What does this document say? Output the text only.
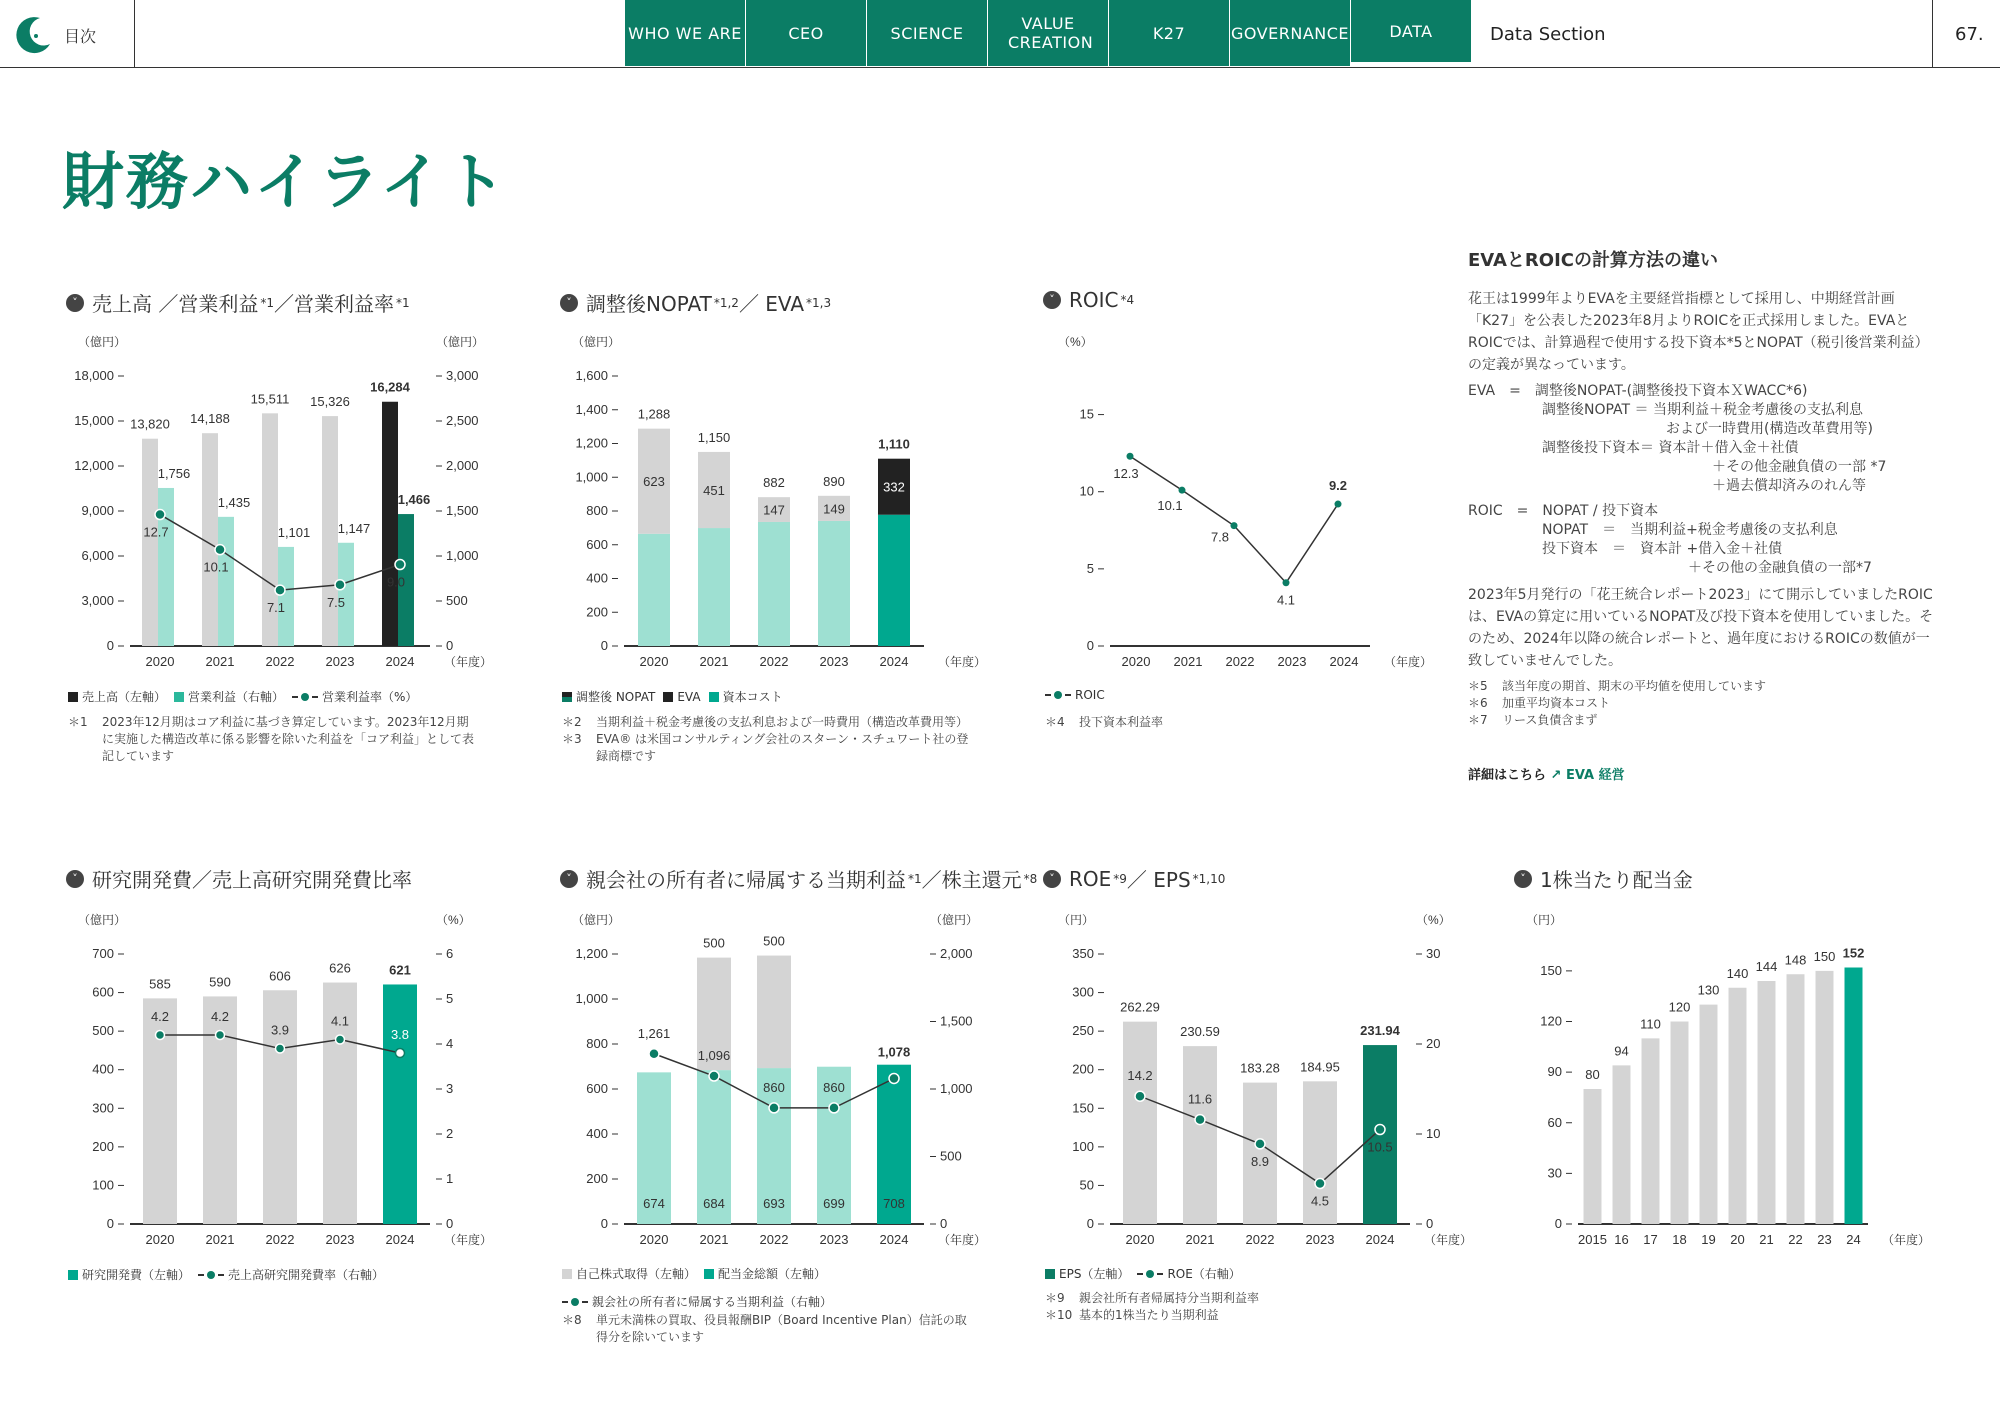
目次	WHO WE ARE	CEO	SCIENCE	VALUE CREATION	K27	GOVERNANCE	DATA	Data Section	67.
財務ハイライト
˅ 売上高 ／営業利益 *1 ／営業利益率 *1	˅ 調整後NOPAT *1,2 ／ EVA *1,3	˅ ROIC *4
˅ 研究開発費／売上高研究開発費比率	˅ 親会社の所有者に帰属する当期利益 *1 ／株主還元 *8	˅ ROE *9 ／ EPS *1,10	˅ 1株当たり配当金
（億円）
0
3,000
6,000
9,000
12,000
15,000
18,000
（億円）
0
500
1,000
1,500
2,000
2,500
3,000
2020 2021 2022 2023 2024 （年度）
13,820
1,756
14,188
1,435
15,511
1,101
15,326
1,147
16,284
1,466
12.7
10.1
7.1	7.5
9.0
（億円）
0
200
400
600
800
1,000
1,200
1,400
1,600
2020 2021 2022 2023 2024 （年度）
1,288
623
1,150
451
882
147
890
149
1,110
332
（%）
0
5
10
15
2020 2021 2022 2023 2024 （年度）
12.3
10.1
7.8
4.1
9.2
（億円）
0
100
200
300
400
500
600
700
（%）
0
1
2
3
4
5
6
2020 2021 2022 2023 2024 （年度）
585	590	606
626	621
4.2	4.2
3.9
4.1
3.8
（億円）
0
200
400
600
800
1,000
1,200
（億円）
0
500
1,000
1,500
2,000
2020 2021 2022 2023 2024 （年度）
674	684
500
693
500
699	708
1,261
1,096
860	860
1,078
（円）
0
50
100
150
200
250
300
350
（%）
0
10
20
30
2020 2021 2022 2023 2024 （年度）
262.29
230.59
183.28 184.95
231.94
14.2
11.6
8.9
4.5
10.5
（円）
0
30
60
90
120
150
2015 16 17 18 19 20 21 22 23 24 （年度）
80
94
110
120
130
140 144 148 150 152
売上高（左軸） 営業利益（右軸）	営業利益率（%）	調整後 NOPAT EVA 資本コスト	ROIC
研究開発費（左軸）	売上高研究開発費率（右軸）	自己株式取得（左軸） 配当金総額（左軸）
親会社の所有者に帰属する当期利益（右軸）
EPS（左軸）	ROE（右軸）
＊1	2023年12月期はコア利益に基づき算定しています。2023年12月期に実施した構造改革に係る影響を除いた利益を「コア利益」として表記しています
＊2	当期利益＋税金考慮後の支払利息および一時費用（構造改革費用等）
＊3	EVA® は米国コンサルティング会社のスターン・スチュワート社の登録商標です
＊4	投下資本利益率
＊8	単元未満株の買取、役員報酬BIP（Board Incentive Plan）信託の取得分を除いています
＊9	親会社所有者帰属持分当期利益率
＊10 基本的1株当たり当期利益
EVAとROICの計算方法の違い

花王は1999年よりEVAを主要経営指標として採用し、中期経営計画「K27」を公表した2023年8月よりROICを正式採用しました。EVAとROICでは、計算過程で使用する投下資本*5とNOPAT（税引後営業利益）の定義が異なっています。

EVA　=　調整後NOPAT-(調整後投下資本ＸWACC*6)
調整後NOPAT ＝ 当期利益＋税金考慮後の支払利息
および一時費用(構造改革費用等)
調整後投下資本＝ 資本計＋借入金＋社債
＋その他金融負債の一部 *7
＋過去償却済みのれん等
ROIC　=　NOPAT / 投下資本
NOPAT　＝　当期利益+税金考慮後の支払利息
投下資本　＝　資本計 +借入金＋社債
＋その他の金融負債の一部*7

2023年5月発行の「花王統合レポート2023」にて開示していましたROICは、EVAの算定に用いているNOPAT及び投下資本を使用していました。そのため、2024年以降の統合レポートと、過年度におけるROICの数値が一致していませんでした。

＊5	該当年度の期首、期末の平均値を使用しています
＊6	加重平均資本コスト
＊7	リース負債含まず
詳細はこちら ↗ EVA 経営
